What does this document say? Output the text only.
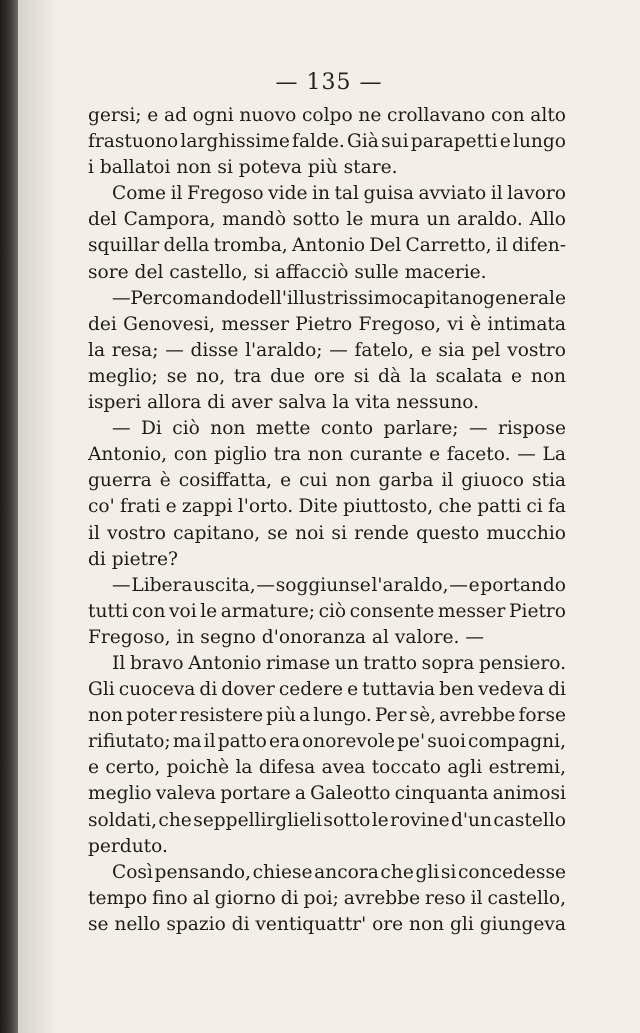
— 135 —
gersi; e ad ogni nuovo colpo ne crollavano con alto
frastuono larghissime falde. Già sui parapetti e lungo
i ballatoi non si poteva più stare.
Come il Fregoso vide in tal guisa avviato il lavoro
del Campora, mandò sotto le mura un araldo. Allo
squillar della tromba, Antonio Del Carretto, il difen-
sore del castello, si affacciò sulle macerie.
— Per comando dell'illustrissimo capitano generale
dei Genovesi, messer Pietro Fregoso, vi è intimata
la resa; — disse l'araldo; — fatelo, e sia pel vostro
meglio; se no, tra due ore si dà la scalata e non
isperi allora di aver salva la vita nessuno.
— Di ciò non mette conto parlare; — rispose
Antonio, con piglio tra non curante e faceto. — La
guerra è cosiffatta, e cui non garba il giuoco stia
co' frati e zappi l'orto. Dite piuttosto, che patti ci fa
il vostro capitano, se noi si rende questo mucchio
di pietre?
— Libera uscita, — soggiunse l'araldo, — e portando
tutti con voi le armature; ciò consente messer Pietro
Fregoso, in segno d'onoranza al valore. —
Il bravo Antonio rimase un tratto sopra pensiero.
Gli cuoceva di dover cedere e tuttavia ben vedeva di
non poter resistere più a lungo. Per sè, avrebbe forse
rifiutato; ma il patto era onorevole pe' suoi compagni,
e certo, poichè la difesa avea toccato agli estremi,
meglio valeva portare a Galeotto cinquanta animosi
soldati, che seppellirglieli sotto le rovine d'un castello
perduto.
Così pensando, chiese ancora che gli si concedesse
tempo fino al giorno di poi; avrebbe reso il castello,
se nello spazio di ventiquattr' ore non gli giungeva
